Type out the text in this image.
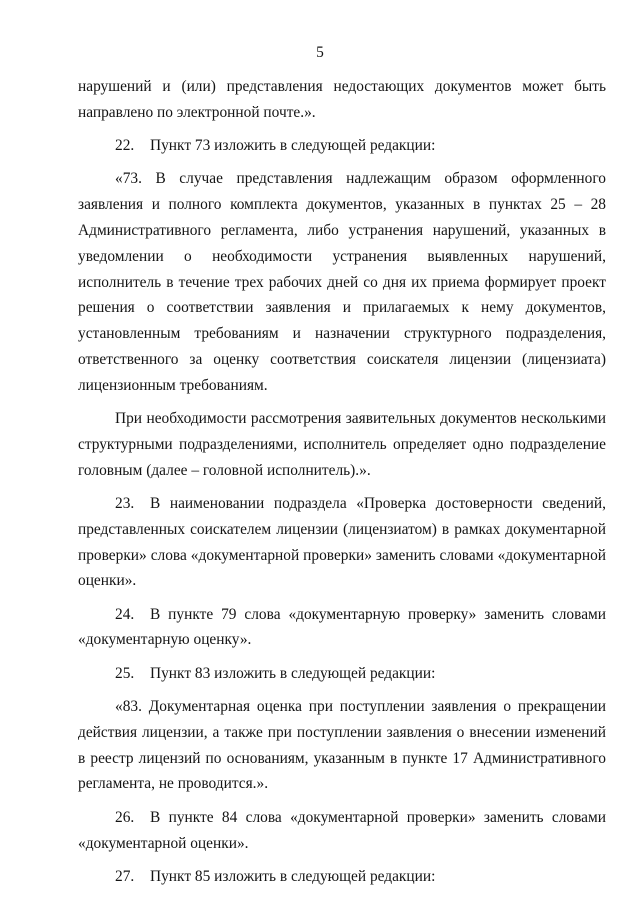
5

нарушений и (или) представления недостающих документов может быть направлено по электронной почте.».

22. Пункт 73 изложить в следующей редакции:

«73. В случае представления надлежащим образом оформленного заявления и полного комплекта документов, указанных в пунктах 25 – 28 Административного регламента, либо устранения нарушений, указанных в уведомлении о необходимости устранения выявленных нарушений, исполнитель в течение трех рабочих дней со дня их приема формирует проект решения о соответствии заявления и прилагаемых к нему документов, установленным требованиям и назначении структурного подразделения, ответственного за оценку соответствия соискателя лицензии (лицензиата) лицензионным требованиям.

При необходимости рассмотрения заявительных документов несколькими структурными подразделениями, исполнитель определяет одно подразделение головным (далее – головной исполнитель).».

23. В наименовании подраздела «Проверка достоверности сведений, представленных соискателем лицензии (лицензиатом) в рамках документарной проверки» слова «документарной проверки» заменить словами «документарной оценки».

24. В пункте 79 слова «документарную проверку» заменить словами «документарную оценку».

25. Пункт 83 изложить в следующей редакции:

«83. Документарная оценка при поступлении заявления о прекращении действия лицензии, а также при поступлении заявления о внесении изменений в реестр лицензий по основаниям, указанным в пункте 17 Административного регламента, не проводится.».

26. В пункте 84 слова «документарной проверки» заменить словами «документарной оценки».

27. Пункт 85 изложить в следующей редакции:
